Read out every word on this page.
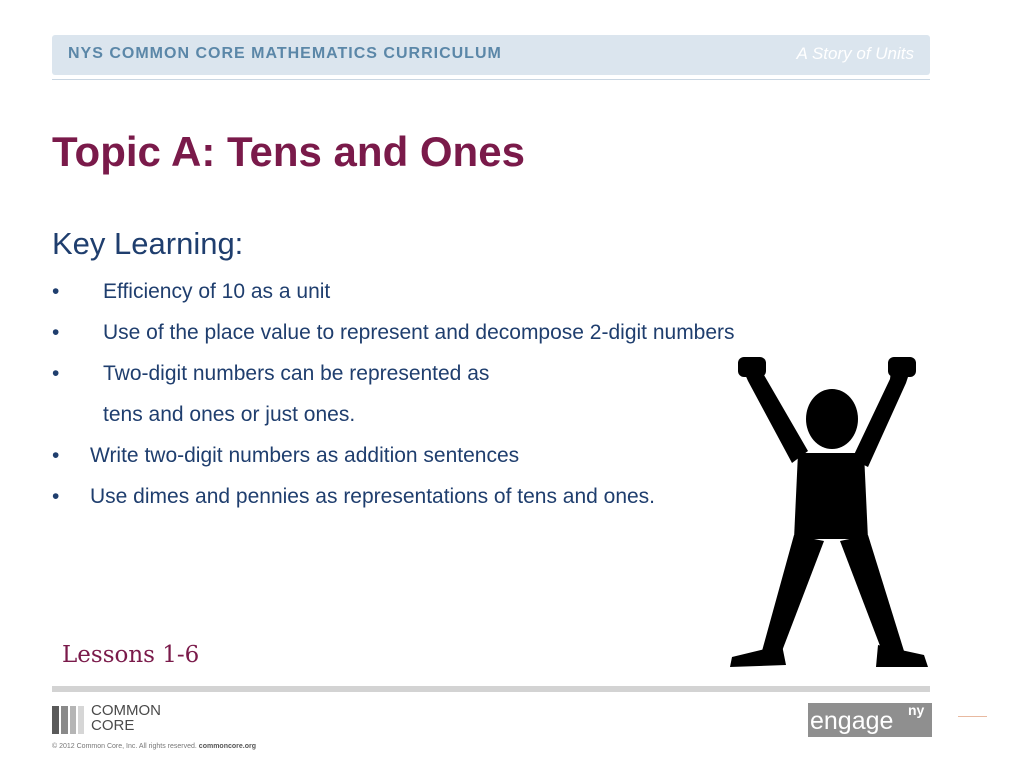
NYS COMMON CORE MATHEMATICS CURRICULUM	A Story of Units
Topic A: Tens and Ones
Key Learning:
• Efficiency of 10 as a unit
• Use of the place value to represent and decompose 2-digit numbers
• Two-digit numbers can be represented as
tens and ones or just ones.
• Write two-digit numbers as addition sentences
• Use dimes and pennies as representations of tens and ones.
Lessons 1-6
COMMON
CORE
© 2012 Common Core, Inc. All rights reserved. commoncore.org
engage ny
